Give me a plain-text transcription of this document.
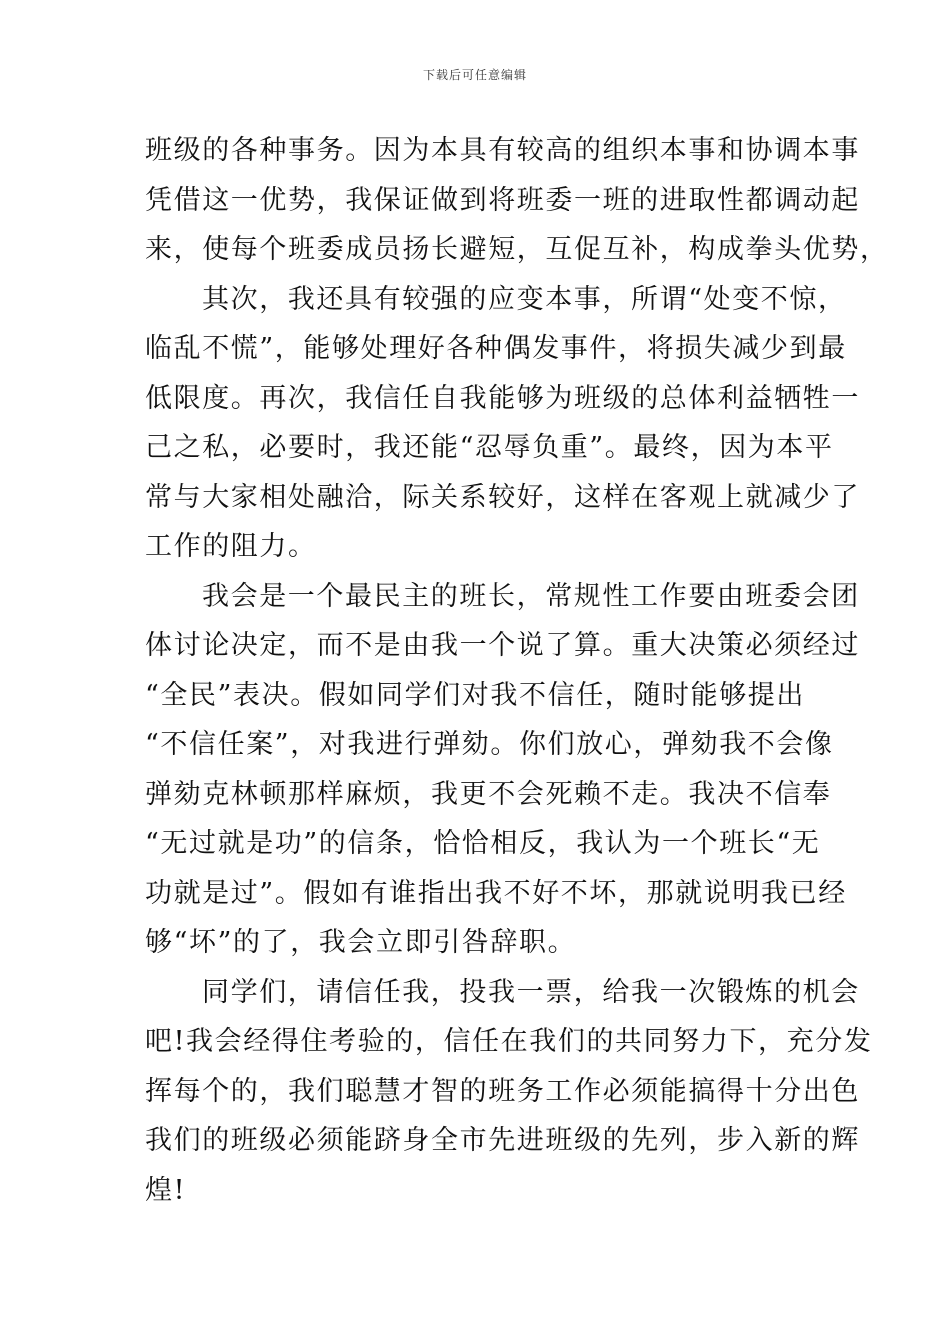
下载后可任意编辑
班级的各种事务。因为本具有较高的组织本事和协调本事
凭借这一优势，我保证做到将班委一班的进取性都调动起
来，使每个班委成员扬长避短，互促互补，构成拳头优势，
其次，我还具有较强的应变本事，所谓“处变不惊，
临乱不慌”，能够处理好各种偶发事件，将损失减少到最
低限度。再次，我信任自我能够为班级的总体利益牺牲一
己之私，必要时，我还能“忍辱负重”。最终，因为本平
常与大家相处融洽，际关系较好，这样在客观上就减少了
工作的阻力。
我会是一个最民主的班长，常规性工作要由班委会团
体讨论决定，而不是由我一个说了算。重大决策必须经过
“全民”表决。假如同学们对我不信任，随时能够提出
“不信任案”，对我进行弹劾。你们放心，弹劾我不会像
弹劾克林顿那样麻烦，我更不会死赖不走。我决不信奉
“无过就是功”的信条，恰恰相反，我认为一个班长“无
功就是过”。假如有谁指出我不好不坏，那就说明我已经
够“坏”的了，我会立即引咎辞职。
同学们，请信任我，投我一票，给我一次锻炼的机会
吧!我会经得住考验的，信任在我们的共同努力下，充分发
挥每个的，我们聪慧才智的班务工作必须能搞得十分出色
我们的班级必须能跻身全市先进班级的先列，步入新的辉
煌!
